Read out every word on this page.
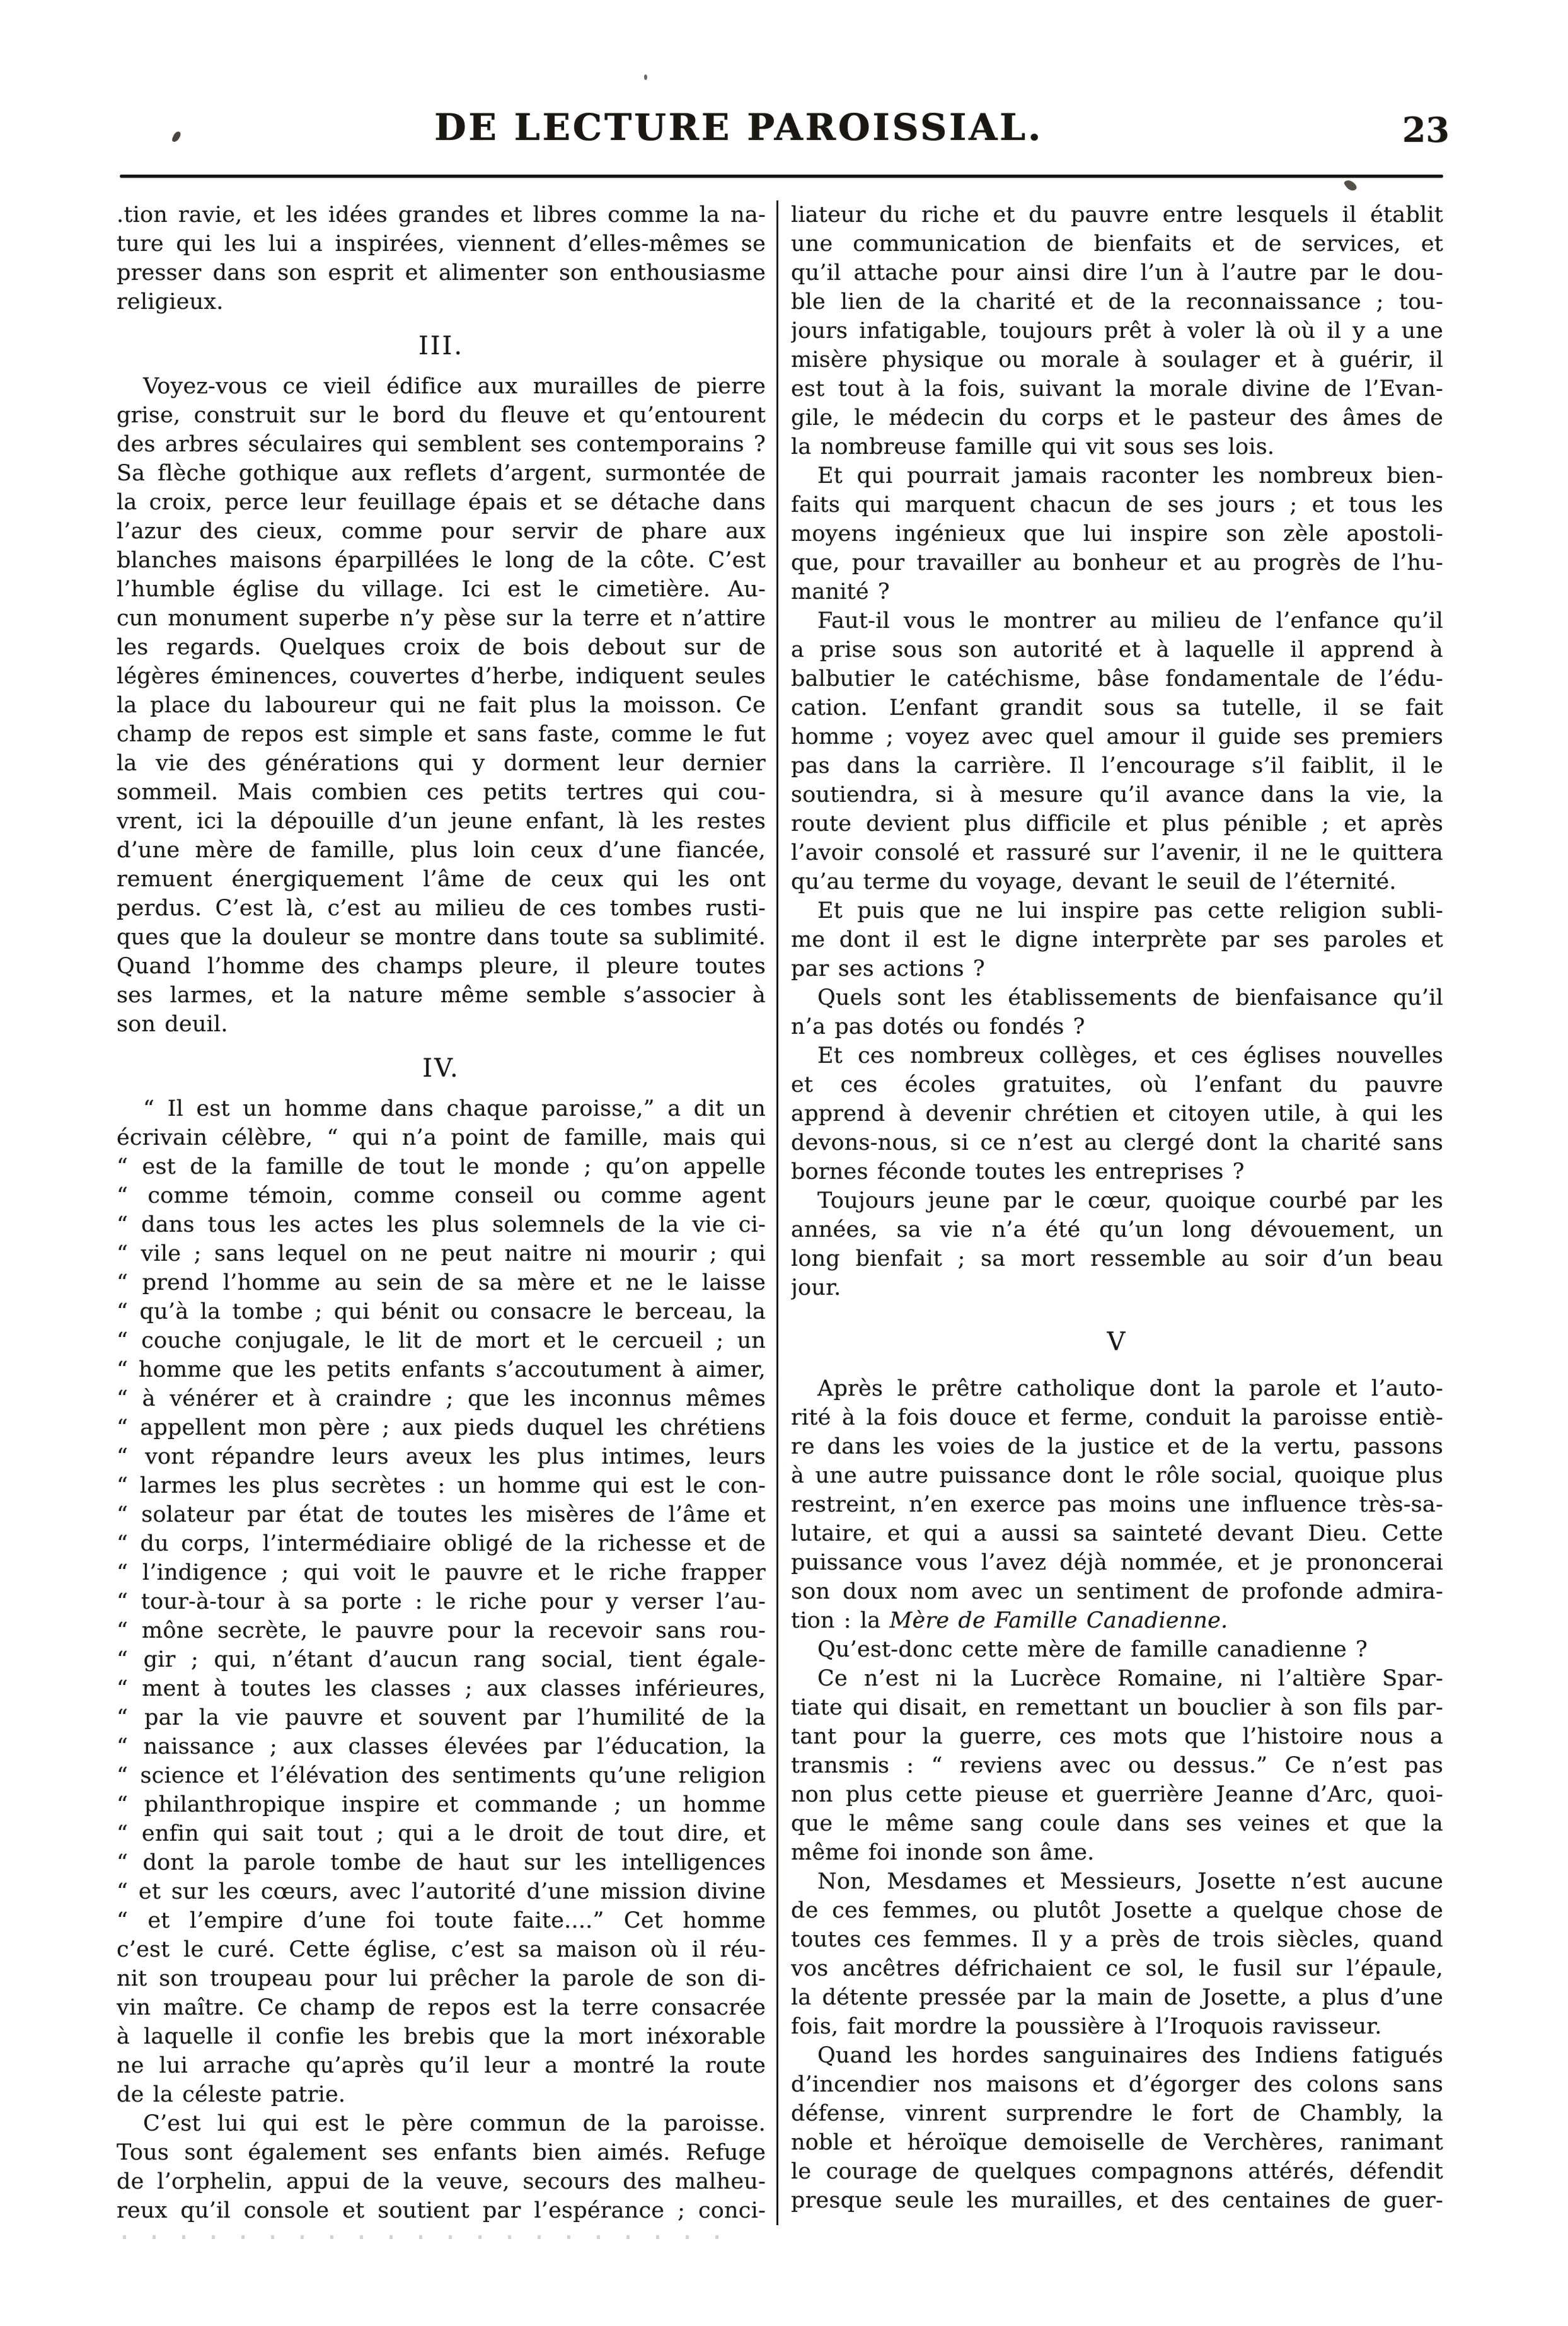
DE LECTURE PAROISSIAL.	23
.tion ravie, et les idées grandes et libres comme la na-
ture qui les lui a inspirées, viennent d’elles-mêmes se
presser dans son esprit et alimenter son enthousiasme
religieux.
III.
Voyez-vous ce vieil édifice aux murailles de pierre
grise, construit sur le bord du fleuve et qu’entourent
des arbres séculaires qui semblent ses contemporains ?
Sa flèche gothique aux reflets d’argent, surmontée de
la croix, perce leur feuillage épais et se détache dans
l’azur des cieux, comme pour servir de phare aux
blanches maisons éparpillées le long de la côte. C’est
l’humble église du village. Ici est le cimetière. Au-
cun monument superbe n’y pèse sur la terre et n’attire
les regards. Quelques croix de bois debout sur de
légères éminences, couvertes d’herbe, indiquent seules
la place du laboureur qui ne fait plus la moisson. Ce
champ de repos est simple et sans faste, comme le fut
la vie des générations qui y dorment leur dernier
sommeil. Mais combien ces petits tertres qui cou-
vrent, ici la dépouille d’un jeune enfant, là les restes
d’une mère de famille, plus loin ceux d’une fiancée,
remuent énergiquement l’âme de ceux qui les ont
perdus. C’est là, c’est au milieu de ces tombes rusti-
ques que la douleur se montre dans toute sa sublimité.
Quand l’homme des champs pleure, il pleure toutes
ses larmes, et la nature même semble s’associer à
son deuil.
IV.
“ Il est un homme dans chaque paroisse,” a dit un
écrivain célèbre, “ qui n’a point de famille, mais qui
“ est de la famille de tout le monde ; qu’on appelle
“ comme témoin, comme conseil ou comme agent
“ dans tous les actes les plus solemnels de la vie ci-
“ vile ; sans lequel on ne peut naitre ni mourir ; qui
“ prend l’homme au sein de sa mère et ne le laisse
“ qu’à la tombe ; qui bénit ou consacre le berceau, la
“ couche conjugale, le lit de mort et le cercueil ; un
“ homme que les petits enfants s’accoutument à aimer,
“ à vénérer et à craindre ; que les inconnus mêmes
“ appellent mon père ; aux pieds duquel les chrétiens
“ vont répandre leurs aveux les plus intimes, leurs
“ larmes les plus secrètes : un homme qui est le con-
“ solateur par état de toutes les misères de l’âme et
“ du corps, l’intermédiaire obligé de la richesse et de
“ l’indigence ; qui voit le pauvre et le riche frapper
“ tour-à-tour à sa porte : le riche pour y verser l’au-
“ mône secrète, le pauvre pour la recevoir sans rou-
“ gir ; qui, n’étant d’aucun rang social, tient égale-
“ ment à toutes les classes ; aux classes inférieures,
“ par la vie pauvre et souvent par l’humilité de la
“ naissance ; aux classes élevées par l’éducation, la
“ science et l’élévation des sentiments qu’une religion
“ philanthropique inspire et commande ; un homme
“ enfin qui sait tout ; qui a le droit de tout dire, et
“ dont la parole tombe de haut sur les intelligences
“ et sur les cœurs, avec l’autorité d’une mission divine
“ et l’empire d’une foi toute faite....” Cet homme
c’est le curé. Cette église, c’est sa maison où il réu-
nit son troupeau pour lui prêcher la parole de son di-
vin maître. Ce champ de repos est la terre consacrée
à laquelle il confie les brebis que la mort inéxorable
ne lui arrache qu’après qu’il leur a montré la route
de la céleste patrie.
C’est lui qui est le père commun de la paroisse.
Tous sont également ses enfants bien aimés. Refuge
de l’orphelin, appui de la veuve, secours des malheu-
reux qu’il console et soutient par l’espérance ; conci-
liateur du riche et du pauvre entre lesquels il établit
une communication de bienfaits et de services, et
qu’il attache pour ainsi dire l’un à l’autre par le dou-
ble lien de la charité et de la reconnaissance ; tou-
jours infatigable, toujours prêt à voler là où il y a une
misère physique ou morale à soulager et à guérir, il
est tout à la fois, suivant la morale divine de l’Evan-
gile, le médecin du corps et le pasteur des âmes de
la nombreuse famille qui vit sous ses lois.
Et qui pourrait jamais raconter les nombreux bien-
faits qui marquent chacun de ses jours ; et tous les
moyens ingénieux que lui inspire son zèle apostoli-
que, pour travailler au bonheur et au progrès de l’hu-
manité ?
Faut-il vous le montrer au milieu de l’enfance qu’il
a prise sous son autorité et à laquelle il apprend à
balbutier le catéchisme, bâse fondamentale de l’édu-
cation. L’enfant grandit sous sa tutelle, il se fait
homme ; voyez avec quel amour il guide ses premiers
pas dans la carrière. Il l’encourage s’il faiblit, il le
soutiendra, si à mesure qu’il avance dans la vie, la
route devient plus difficile et plus pénible ; et après
l’avoir consolé et rassuré sur l’avenir, il ne le quittera
qu’au terme du voyage, devant le seuil de l’éternité.
Et puis que ne lui inspire pas cette religion subli-
me dont il est le digne interprète par ses paroles et
par ses actions ?
Quels sont les établissements de bienfaisance qu’il
n’a pas dotés ou fondés ?
Et ces nombreux collèges, et ces églises nouvelles
et ces écoles gratuites, où l’enfant du pauvre
apprend à devenir chrétien et citoyen utile, à qui les
devons-nous, si ce n’est au clergé dont la charité sans
bornes féconde toutes les entreprises ?
Toujours jeune par le cœur, quoique courbé par les
années, sa vie n’a été qu’un long dévouement, un
long bienfait ; sa mort ressemble au soir d’un beau
jour.
V
Après le prêtre catholique dont la parole et l’auto-
rité à la fois douce et ferme, conduit la paroisse entiè-
re dans les voies de la justice et de la vertu, passons
à une autre puissance dont le rôle social, quoique plus
restreint, n’en exerce pas moins une influence très-sa-
lutaire, et qui a aussi sa sainteté devant Dieu. Cette
puissance vous l’avez déjà nommée, et je prononcerai
son doux nom avec un sentiment de profonde admira-
tion : la Mère de Famille Canadienne.
Qu’est-donc cette mère de famille canadienne ?
Ce n’est ni la Lucrèce Romaine, ni l’altière Spar-
tiate qui disait, en remettant un bouclier à son fils par-
tant pour la guerre, ces mots que l’histoire nous a
transmis : “ reviens avec ou dessus.” Ce n’est pas
non plus cette pieuse et guerrière Jeanne d’Arc, quoi-
que le même sang coule dans ses veines et que la
même foi inonde son âme.
Non, Mesdames et Messieurs, Josette n’est aucune
de ces femmes, ou plutôt Josette a quelque chose de
toutes ces femmes. Il y a près de trois siècles, quand
vos ancêtres défrichaient ce sol, le fusil sur l’épaule,
la détente pressée par la main de Josette, a plus d’une
fois, fait mordre la poussière à l’Iroquois ravisseur.
Quand les hordes sanguinaires des Indiens fatigués
d’incendier nos maisons et d’égorger des colons sans
défense, vinrent surprendre le fort de Chambly, la
noble et héroïque demoiselle de Verchères, ranimant
le courage de quelques compagnons attérés, défendit
presque seule les murailles, et des centaines de guer-
